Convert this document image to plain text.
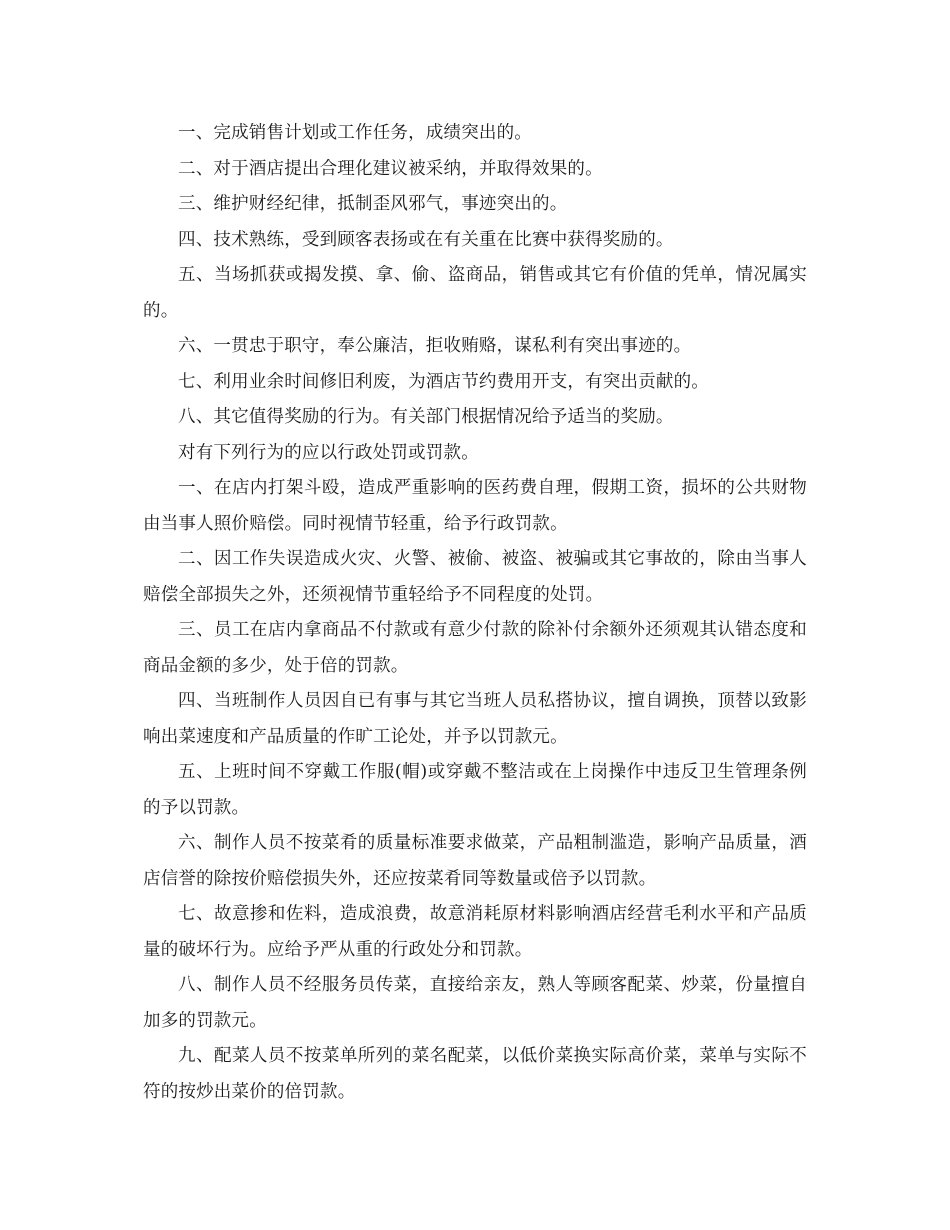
一、完成销售计划或工作任务，成绩突出的。

二、对于酒店提出合理化建议被采纳，并取得效果的。

三、维护财经纪律，抵制歪风邪气，事迹突出的。

四、技术熟练，受到顾客表扬或在有关重在比赛中获得奖励的。

五、当场抓获或揭发摸、拿、偷、盗商品，销售或其它有价值的凭单，情况属实的。

六、一贯忠于职守，奉公廉洁，拒收贿赂，谋私利有突出事迹的。

七、利用业余时间修旧利废，为酒店节约费用开支，有突出贡献的。

八、其它值得奖励的行为。有关部门根据情况给予适当的奖励。

对有下列行为的应以行政处罚或罚款。

一、在店内打架斗殴，造成严重影响的医药费自理，假期工资，损坏的公共财物由当事人照价赔偿。同时视情节轻重，给予行政罚款。

二、因工作失误造成火灾、火警、被偷、被盗、被骗或其它事故的，除由当事人赔偿全部损失之外，还须视情节重轻给予不同程度的处罚。

三、员工在店内拿商品不付款或有意少付款的除补付余额外还须观其认错态度和商品金额的多少，处于倍的罚款。

四、当班制作人员因自已有事与其它当班人员私搭协议，擅自调换，顶替以致影响出菜速度和产品质量的作旷工论处，并予以罚款元。

五、上班时间不穿戴工作服(帽)或穿戴不整洁或在上岗操作中违反卫生管理条例的予以罚款。

六、制作人员不按菜肴的质量标准要求做菜，产品粗制滥造，影响产品质量，酒店信誉的除按价赔偿损失外，还应按菜肴同等数量或倍予以罚款。

七、故意掺和佐料，造成浪费，故意消耗原材料影响酒店经营毛利水平和产品质量的破坏行为。应给予严从重的行政处分和罚款。

八、制作人员不经服务员传菜，直接给亲友，熟人等顾客配菜、炒菜，份量擅自加多的罚款元。

九、配菜人员不按菜单所列的菜名配菜，以低价菜换实际高价菜，菜单与实际不符的按炒出菜价的倍罚款。
